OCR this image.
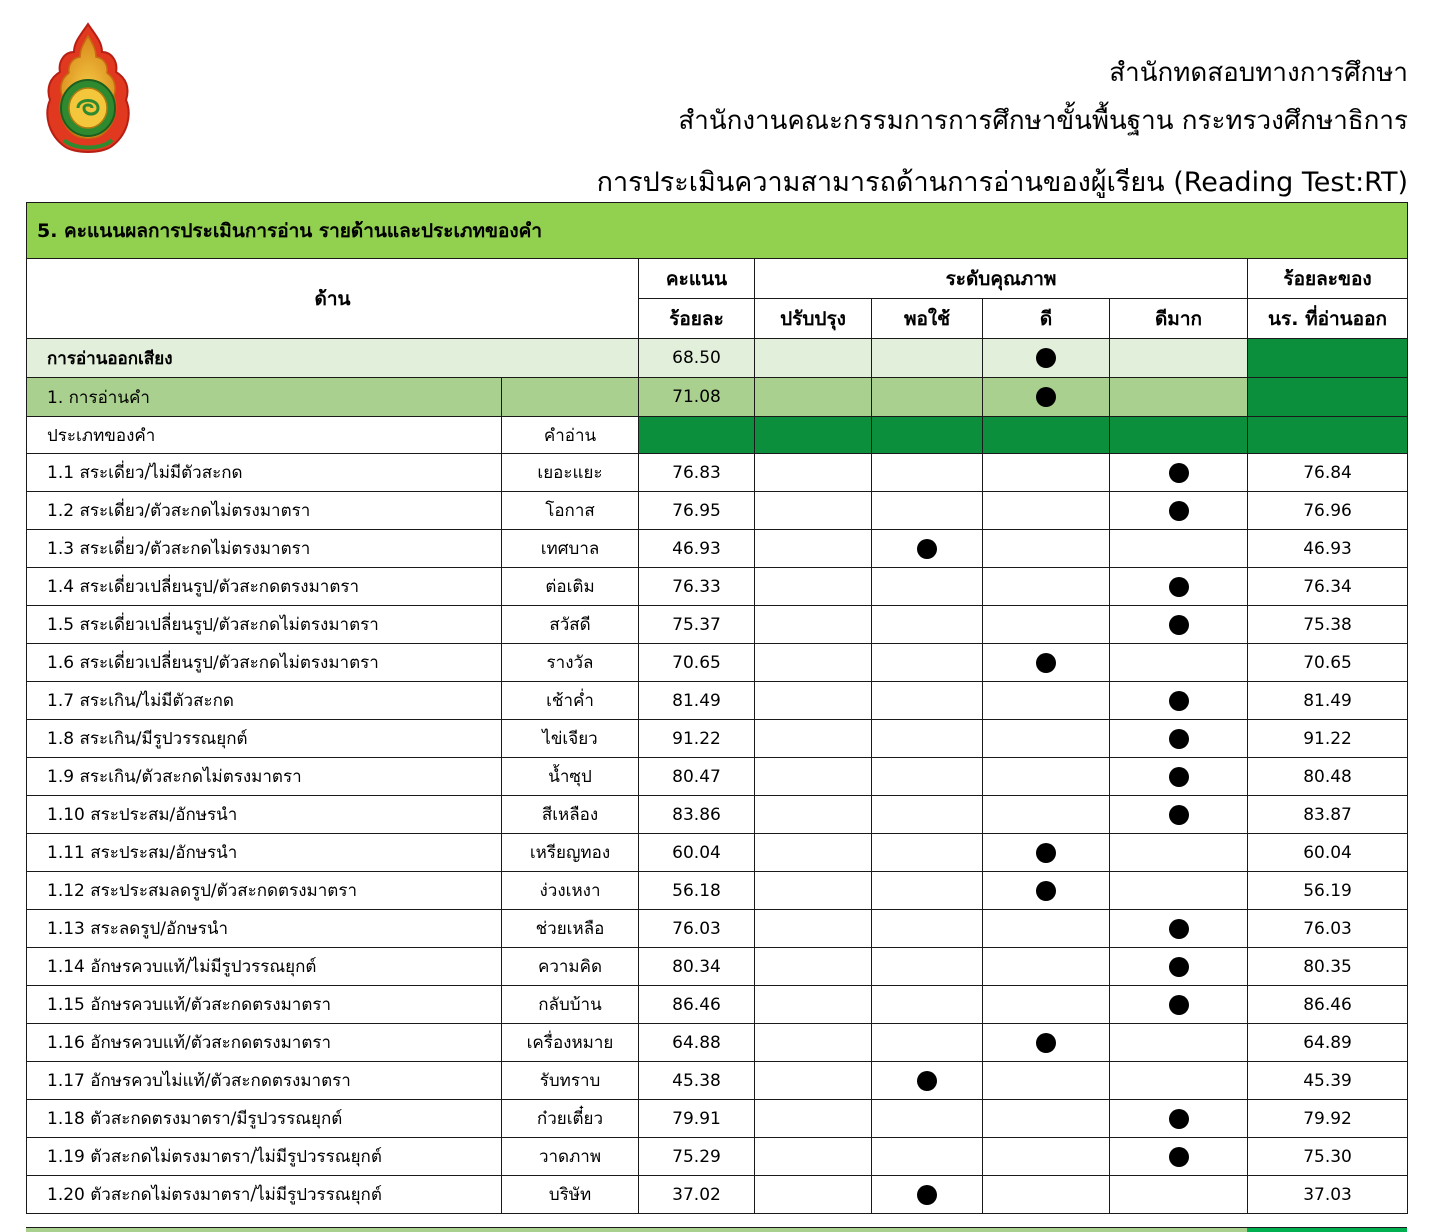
สำนักทดสอบทางการศึกษา
สำนักงานคณะกรรมการการศึกษาขั้นพื้นฐาน กระทรวงศึกษาธิการ
การประเมินความสามารถด้านการอ่านของผู้เรียน (Reading Test:RT)
5. คะแนนผลการประเมินการอ่าน รายด้านและประเภทของคำ							
ด้าน		คะแนน	ระดับคุณภาพ				ร้อยละของ
		ร้อยละ	ปรับปรุง	พอใช้	ดี	ดีมาก	นร. ที่อ่านออก
การอ่านออกเสียง		68.50					
1. การอ่านคำ		71.08					
ประเภทของคำ	คำอ่าน						
1.1 สระเดี่ยว/ไม่มีตัวสะกด	เยอะแยะ	76.83					76.84
1.2 สระเดี่ยว/ตัวสะกดไม่ตรงมาตรา	โอกาส	76.95					76.96
1.3 สระเดี่ยว/ตัวสะกดไม่ตรงมาตรา	เทศบาล	46.93					46.93
1.4 สระเดี่ยวเปลี่ยนรูป/ตัวสะกดตรงมาตรา	ต่อเติม	76.33					76.34
1.5 สระเดี่ยวเปลี่ยนรูป/ตัวสะกดไม่ตรงมาตรา	สวัสดี	75.37					75.38
1.6 สระเดี่ยวเปลี่ยนรูป/ตัวสะกดไม่ตรงมาตรา	รางวัล	70.65					70.65
1.7 สระเกิน/ไม่มีตัวสะกด	เช้าค่ำ	81.49					81.49
1.8 สระเกิน/มีรูปวรรณยุกต์	ไข่เจียว	91.22					91.22
1.9 สระเกิน/ตัวสะกดไม่ตรงมาตรา	น้ำซุป	80.47					80.48
1.10 สระประสม/อักษรนำ	สีเหลือง	83.86					83.87
1.11 สระประสม/อักษรนำ	เหรียญทอง	60.04					60.04
1.12 สระประสมลดรูป/ตัวสะกดตรงมาตรา	ง่วงเหงา	56.18					56.19
1.13 สระลดรูป/อักษรนำ	ช่วยเหลือ	76.03					76.03
1.14 อักษรควบแท้/ไม่มีรูปวรรณยุกต์	ความคิด	80.34					80.35
1.15 อักษรควบแท้/ตัวสะกดตรงมาตรา	กลับบ้าน	86.46					86.46
1.16 อักษรควบแท้/ตัวสะกดตรงมาตรา	เครื่องหมาย	64.88					64.89
1.17 อักษรควบไม่แท้/ตัวสะกดตรงมาตรา	รับทราบ	45.38					45.39
1.18 ตัวสะกดตรงมาตรา/มีรูปวรรณยุกต์	ก๋วยเตี๋ยว	79.91					79.92
1.19 ตัวสะกดไม่ตรงมาตรา/ไม่มีรูปวรรณยุกต์	วาดภาพ	75.29					75.30
1.20 ตัวสะกดไม่ตรงมาตรา/ไม่มีรูปวรรณยุกต์	บริษัท	37.02					37.03
